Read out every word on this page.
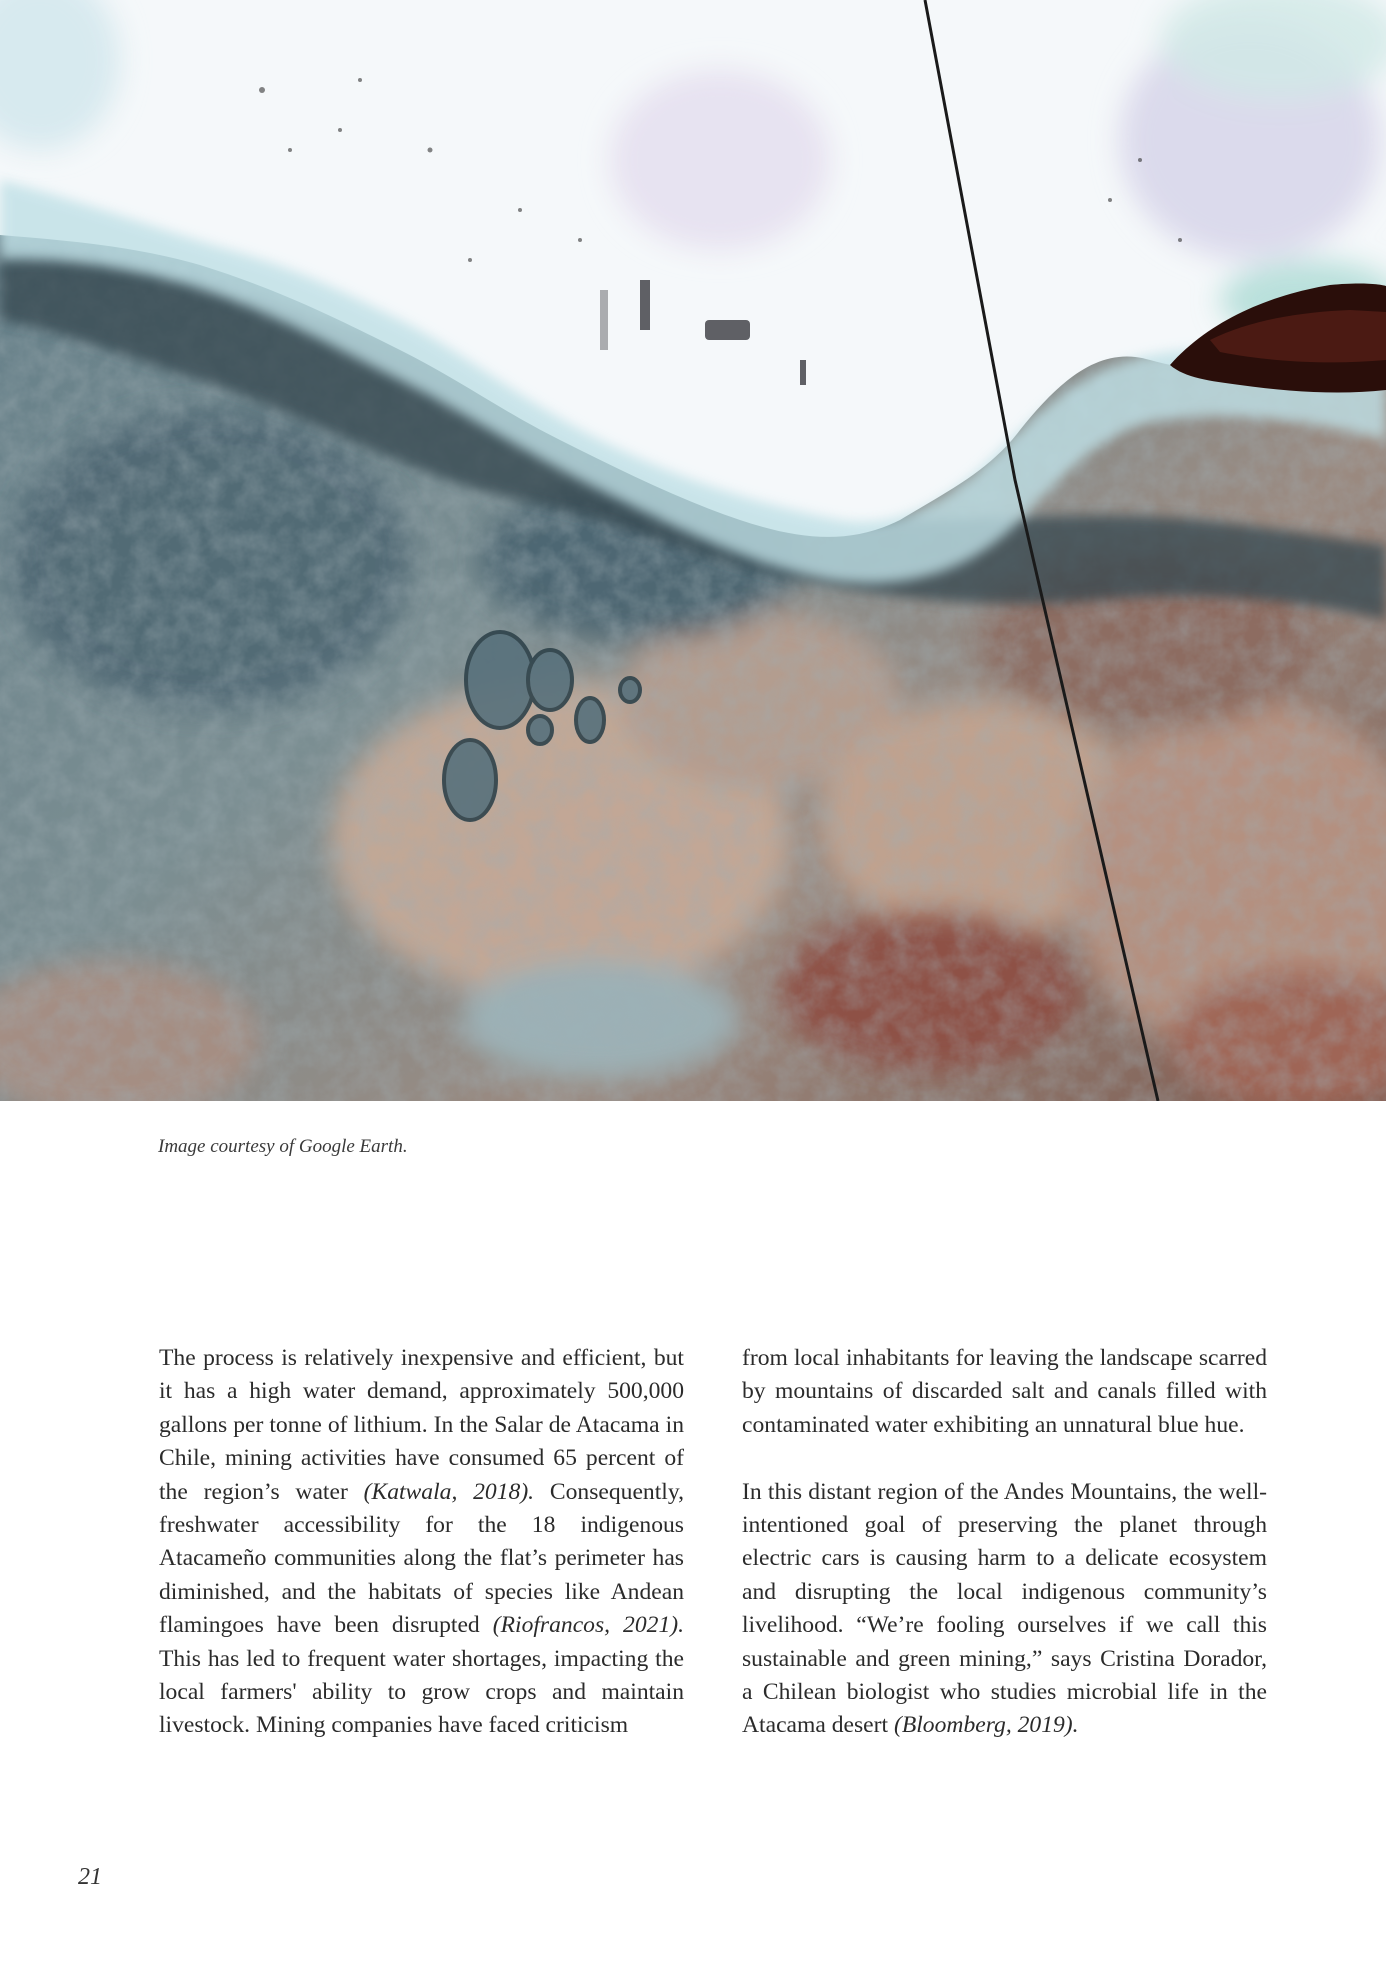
Image courtesy of Google Earth.

The process is relatively inexpensive and efficient, but it has a high water demand, approximately 500,000 gallons per tonne of lithium. In the Salar de Atacama in Chile, mining activities have consumed 65 percent of the region’s water (Katwala, 2018). Consequently, freshwater accessibility for the 18 indigenous Atacameño communities along the flat’s perimeter has diminished, and the habitats of species like Andean flamingoes have been disrupted (Riofrancos, 2021). This has led to frequent water shortages, impacting the local farmers' ability to grow crops and maintain livestock. Mining companies have faced criticism

from local inhabitants for leaving the landscape scarred by mountains of discarded salt and canals filled with contaminated water exhibiting an unnatural blue hue.

In this distant region of the Andes Mountains, the well-intentioned goal of preserving the planet through electric cars is causing harm to a delicate ecosystem and disrupting the local indigenous community’s livelihood. “We’re fooling ourselves if we call this sustainable and green mining,” says Cristina Dorador, a Chilean biologist who studies microbial life in the Atacama desert (Bloomberg, 2019).

21
